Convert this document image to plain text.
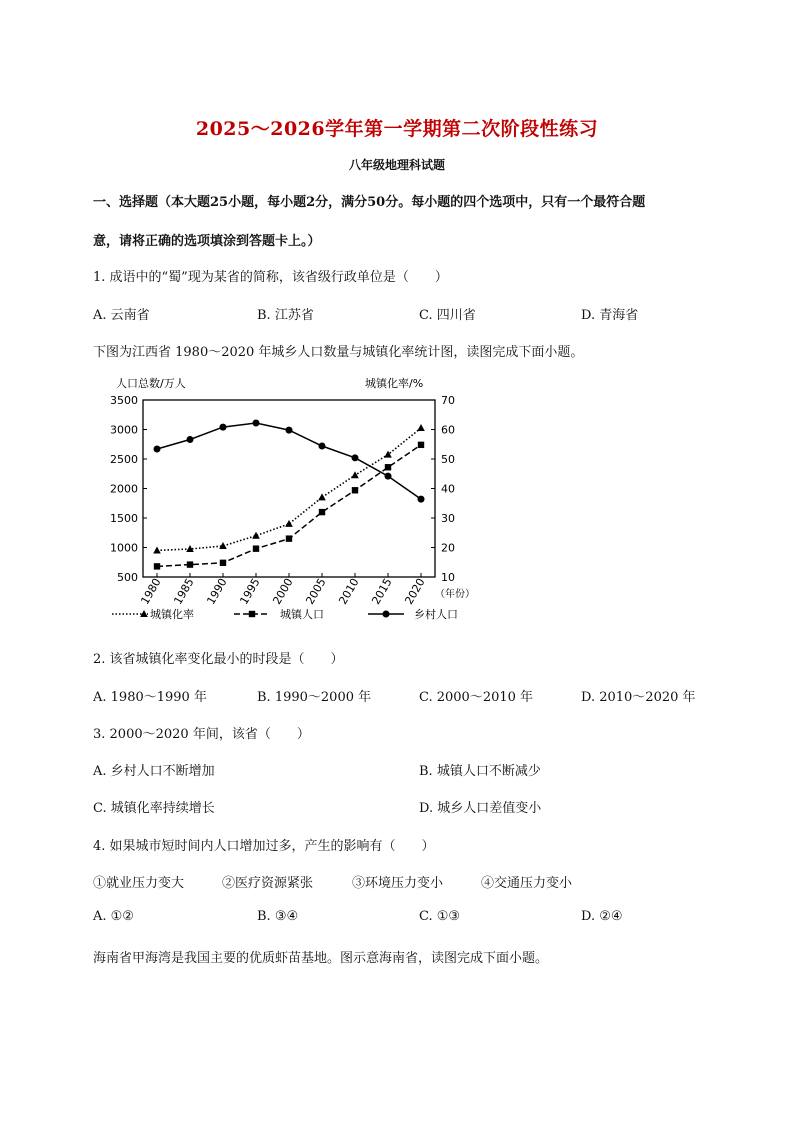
2025～2026学年第一学期第二次阶段性练习
八年级地理科试题
一、选择题（本大题25小题，每小题2分，满分50分。每小题的四个选项中，只有一个最符合题
意，请将正确的选项填涂到答题卡上。）
1. 成语中的“蜀”现为某省的简称，该省级行政单位是（　　）
A. 云南省	B. 江苏省	C. 四川省	D. 青海省
下图为江西省 1980～2020 年城乡人口数量与城镇化率统计图，读图完成下面小题。
人口总数/万人	城镇化率/%
500
1000
1500
2000
2500
3000
3500
10
20
30
40
50
60
70
1980 1985 1990 1995 2000 2005 2010 2015 2020 （年份）
城镇化率	城镇人口	乡村人口
2. 该省城镇化率变化最小的时段是（　　）
A. 1980～1990 年	B. 1990～2000 年	C. 2000～2010 年	D. 2010～2020 年
3. 2000～2020 年间，该省（　　）
A. 乡村人口不断增加	B. 城镇人口不断减少
C. 城镇化率持续增长	D. 城乡人口差值变小
4. 如果城市短时间内人口增加过多，产生的影响有（　　）
①就业压力变大	②医疗资源紧张	③环境压力变小	④交通压力变小
A. ①②	B. ③④	C. ①③	D. ②④
海南省甲海湾是我国主要的优质虾苗基地。图示意海南省，读图完成下面小题。
